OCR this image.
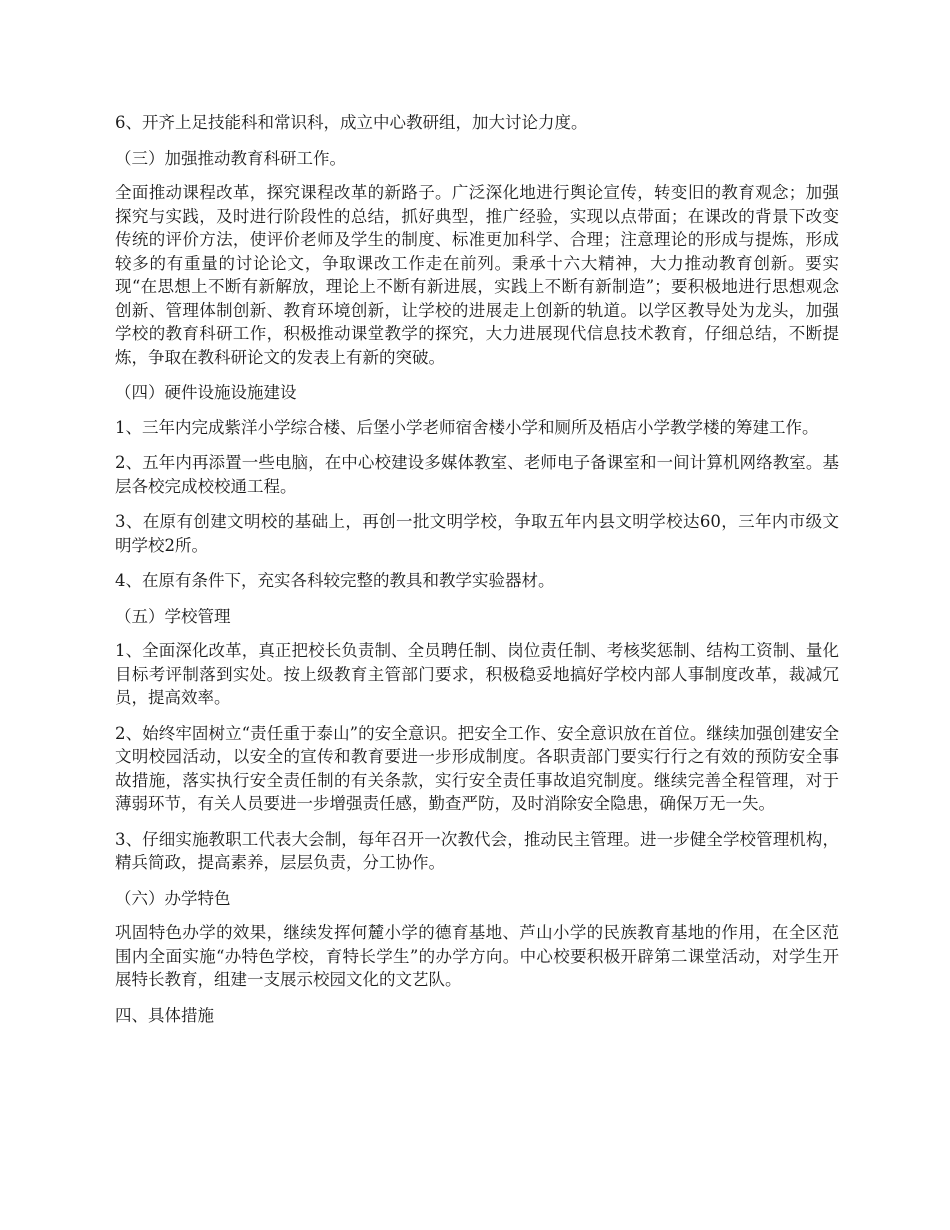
6、开齐上足技能科和常识科，成立中心教研组，加大讨论力度。

（三）加强推动教育科研工作。

全面推动课程改革，探究课程改革的新路子。广泛深化地进行舆论宣传，转变旧的教育观念；加强探究与实践，及时进行阶段性的总结，抓好典型，推广经验，实现以点带面；在课改的背景下改变传统的评价方法，使评价老师及学生的制度、标准更加科学、合理；注意理论的形成与提炼，形成较多的有重量的讨论论文，争取课改工作走在前列。秉承十六大精神，大力推动教育创新。要实现“在思想上不断有新解放，理论上不断有新进展，实践上不断有新制造”；要积极地进行思想观念创新、管理体制创新、教育环境创新，让学校的进展走上创新的轨道。以学区教导处为龙头，加强学校的教育科研工作，积极推动课堂教学的探究，大力进展现代信息技术教育，仔细总结，不断提炼，争取在教科研论文的发表上有新的突破。

（四）硬件设施设施建设

1、三年内完成紫洋小学综合楼、后堡小学老师宿舍楼小学和厕所及梧店小学教学楼的筹建工作。

2、五年内再添置一些电脑，在中心校建设多媒体教室、老师电子备课室和一间计算机网络教室。基层各校完成校校通工程。

3、在原有创建文明校的基础上，再创一批文明学校，争取五年内县文明学校达60，三年内市级文明学校2所。

4、在原有条件下，充实各科较完整的教具和教学实验器材。

（五）学校管理

1、全面深化改革，真正把校长负责制、全员聘任制、岗位责任制、考核奖惩制、结构工资制、量化目标考评制落到实处。按上级教育主管部门要求，积极稳妥地搞好学校内部人事制度改革，裁减冗员，提高效率。

2、始终牢固树立“责任重于泰山”的安全意识。把安全工作、安全意识放在首位。继续加强创建安全文明校园活动，以安全的宣传和教育要进一步形成制度。各职责部门要实行行之有效的预防安全事故措施，落实执行安全责任制的有关条款，实行安全责任事故追究制度。继续完善全程管理，对于薄弱环节，有关人员要进一步增强责任感，勤查严防，及时消除安全隐患，确保万无一失。

3、仔细实施教职工代表大会制，每年召开一次教代会，推动民主管理。进一步健全学校管理机构，精兵简政，提高素养，层层负责，分工协作。

（六）办学特色

巩固特色办学的效果，继续发挥何麓小学的德育基地、芦山小学的民族教育基地的作用，在全区范围内全面实施“办特色学校，育特长学生”的办学方向。中心校要积极开辟第二课堂活动，对学生开展特长教育，组建一支展示校园文化的文艺队。

四、具体措施
